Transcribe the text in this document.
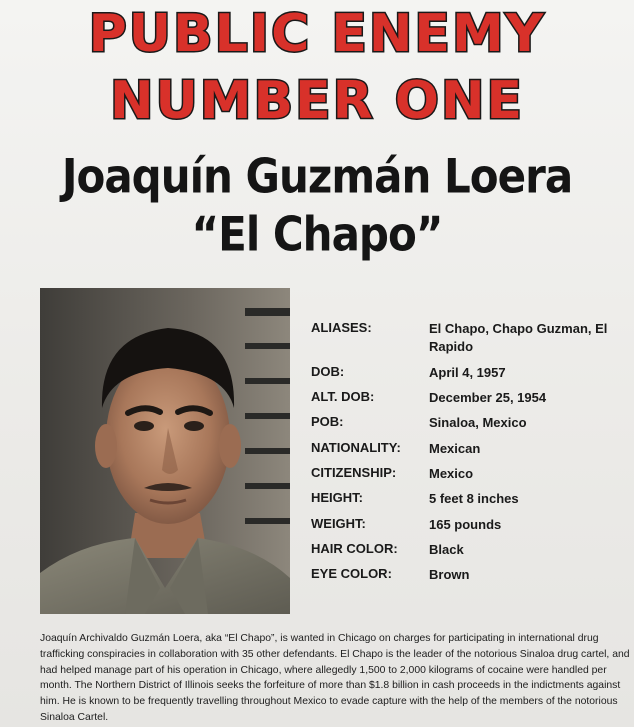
PUBLIC ENEMY
NUMBER ONE
Joaquín Guzmán Loera
“El Chapo”
ALIASES:	El Chapo, Chapo Guzman, El Rapido
DOB:	April 4, 1957
ALT. DOB:	December 25, 1954
POB:	Sinaloa, Mexico
NATIONALITY: Mexican
CITIZENSHIP:	Mexico
HEIGHT:	5 feet 8 inches
WEIGHT:	165 pounds
HAIR COLOR: Black
EYE COLOR:	Brown
Joaquín Archivaldo Guzmán Loera, aka “El Chapo”, is wanted in Chicago on charges for participating in international drug trafficking conspiracies in collaboration with 35 other defendants. El Chapo is the leader of the notorious Sinaloa drug cartel, and had helped manage part of his operation in Chicago, where allegedly 1,500 to 2,000 kilograms of cocaine were handled per month. The Northern District of Illinois seeks the forfeiture of more than $1.8 billion in cash proceeds in the indictments against him. He is known to be frequently travelling throughout Mexico to evade capture with the help of the members of the notorious Sinaloa Cartel.
